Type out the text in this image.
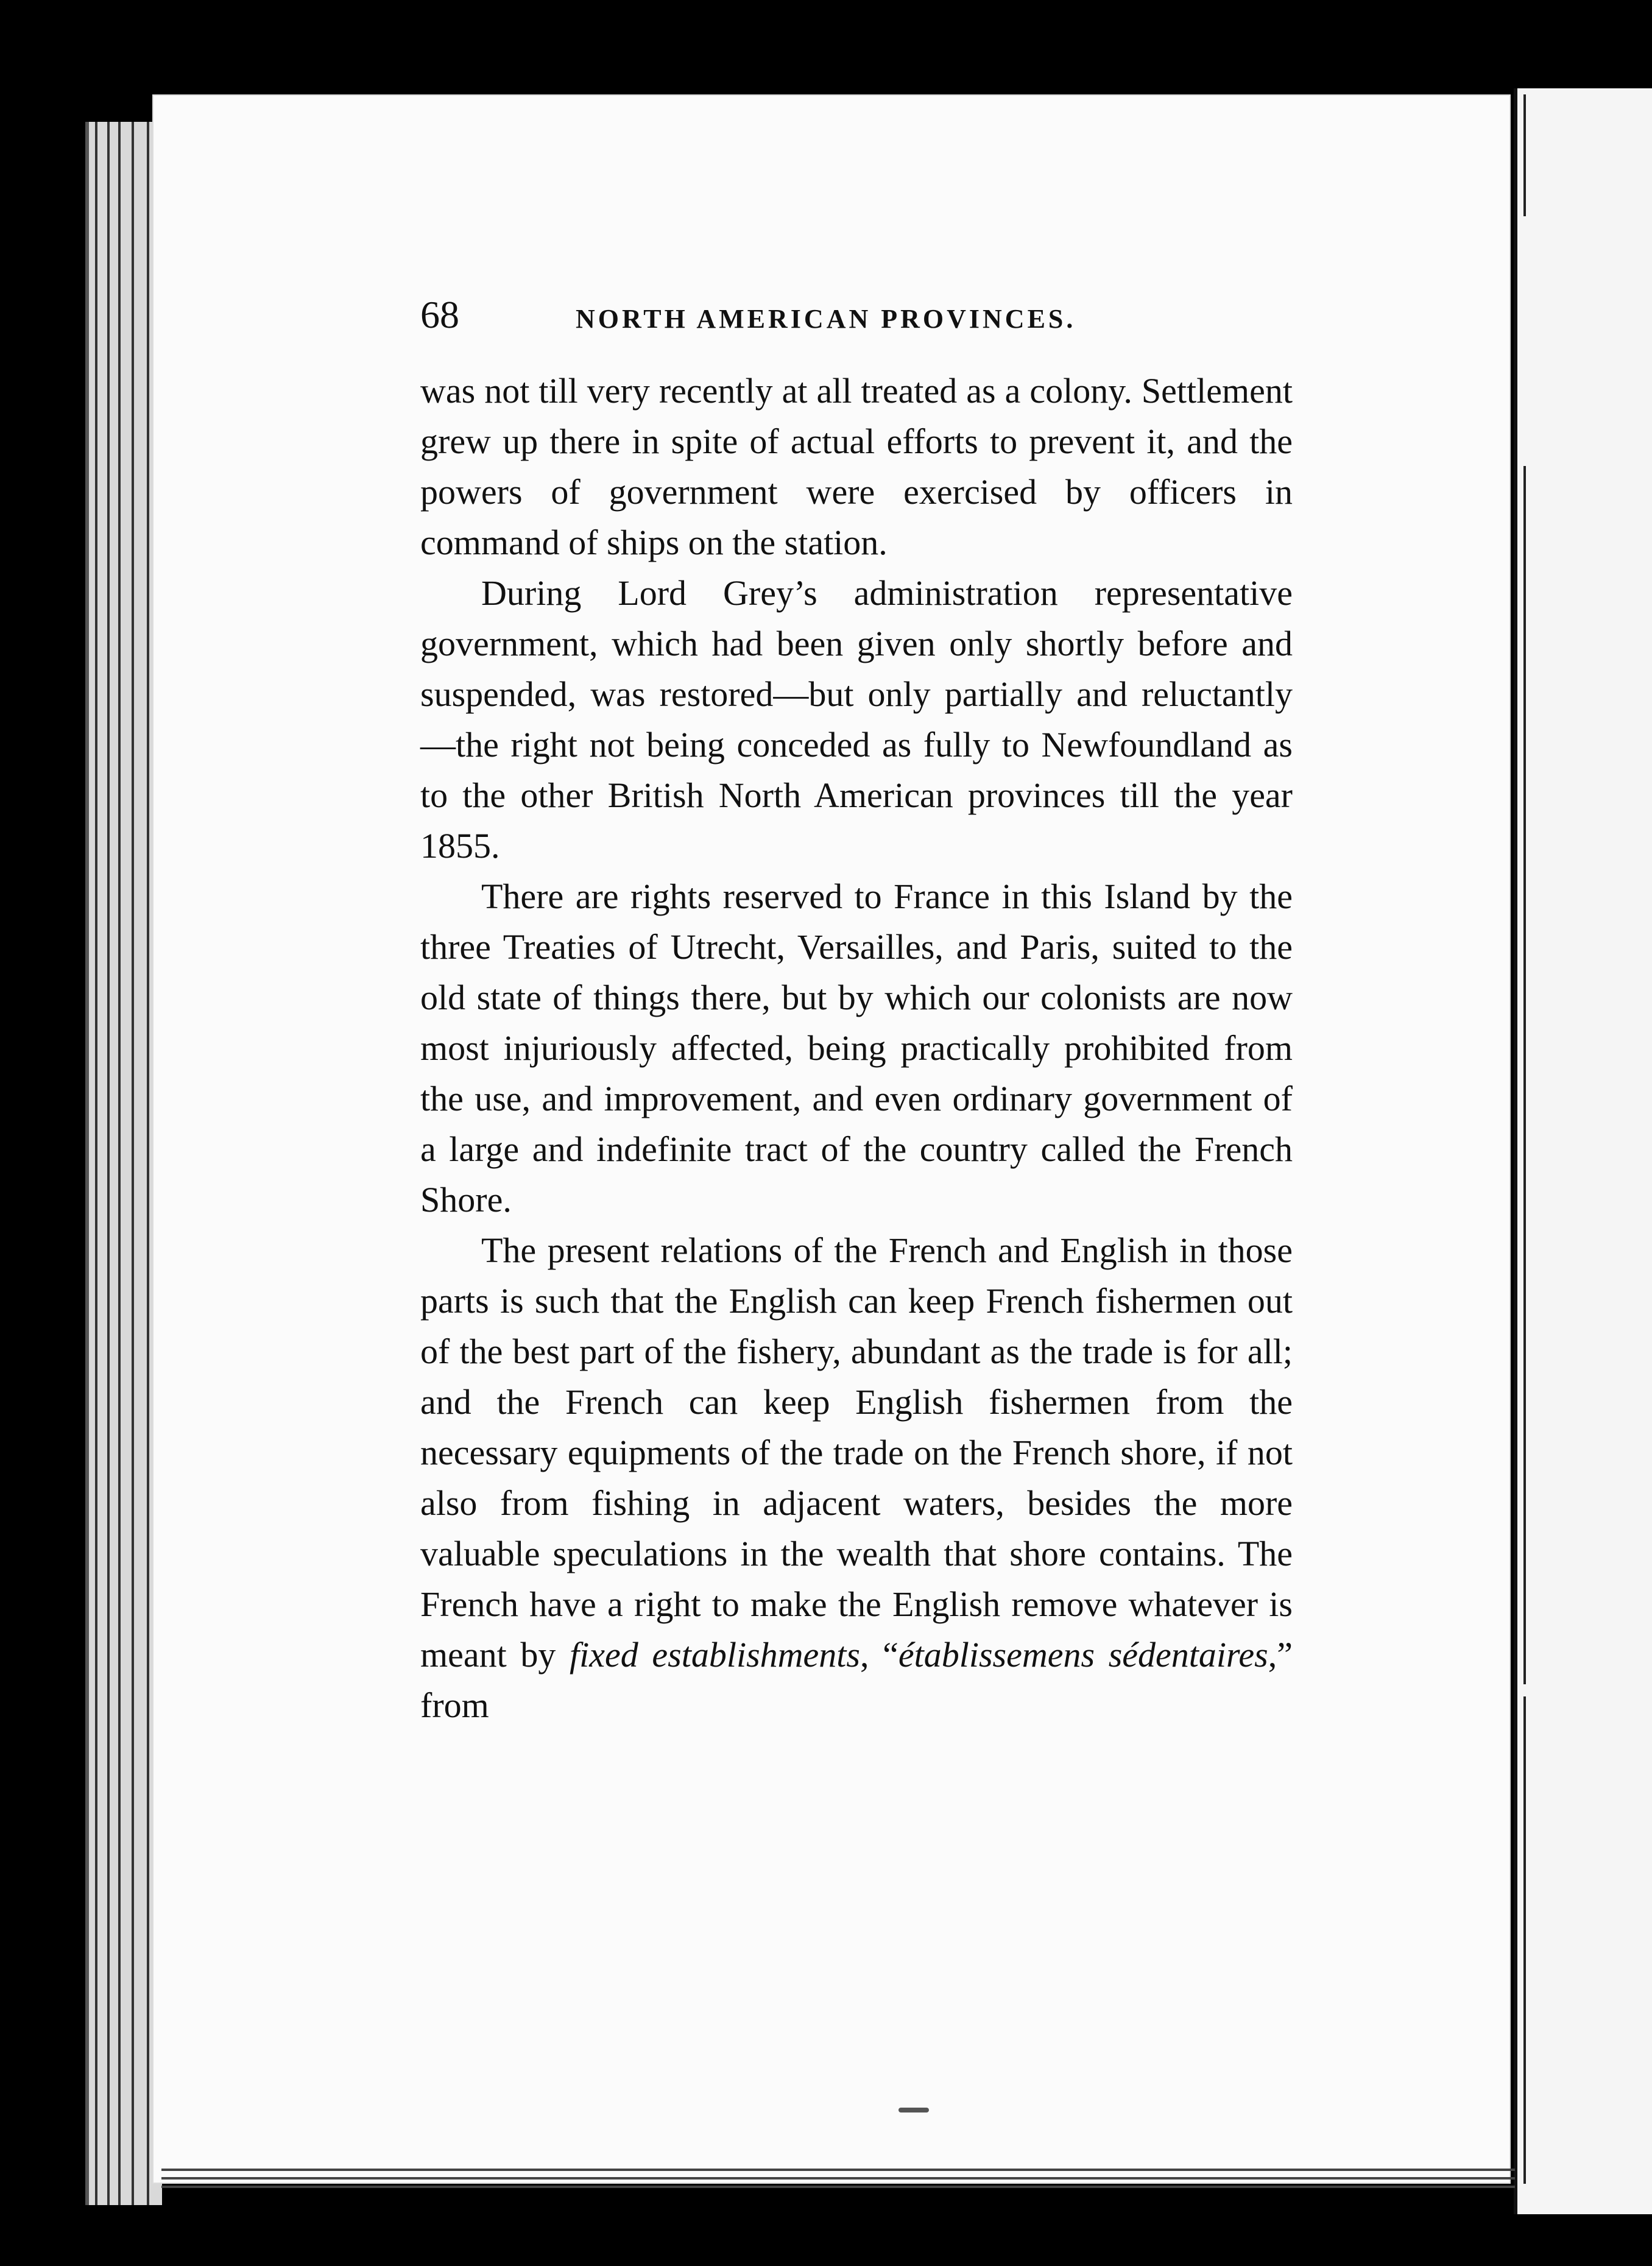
68	NORTH AMERICAN PROVINCES.

was not till very recently at all treated as a colony. Settlement grew up there in spite of actual efforts to prevent it, and the powers of government were exercised by officers in command of ships on the station.

During Lord Grey’s administration representative government, which had been given only shortly before and suspended, was restored—but only partially and reluctantly—the right not being conceded as fully to Newfoundland as to the other British North American provinces till the year 1855.

There are rights reserved to France in this Island by the three Treaties of Utrecht, Versailles, and Paris, suited to the old state of things there, but by which our colonists are now most injuriously affected, being practically prohibited from the use, and improvement, and even ordinary government of a large and indefinite tract of the country called the French Shore.

The present relations of the French and English in those parts is such that the English can keep French fishermen out of the best part of the fishery, abundant as the trade is for all; and the French can keep English fishermen from the necessary equipments of the trade on the French shore, if not also from fishing in adjacent waters, besides the more valuable speculations in the wealth that shore contains. The French have a right to make the English remove whatever is meant by fixed establishments, “établissemens sédentaires,” from
